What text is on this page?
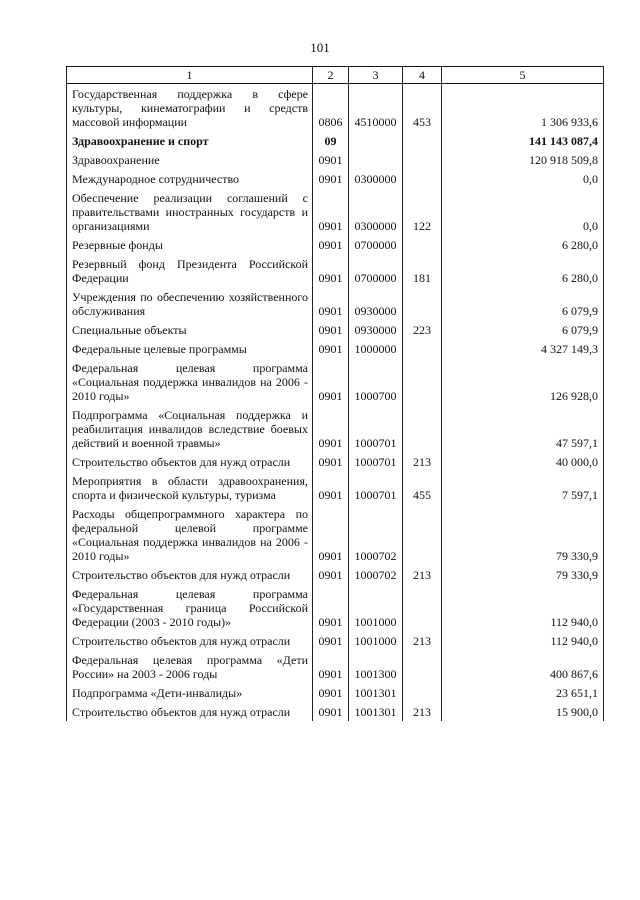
101
1	2	3	4	5
Государственная поддержка в сфере культуры, кинематографии и средств массовой информации	0806	4510000	453	1 306 933,6
Здравоохранение и спорт	09			141 143 087,4
Здравоохранение	0901			120 918 509,8
Международное сотрудничество	0901	0300000		0,0
Обеспечение реализации соглашений с правительствами иностранных государств и организациями	0901	0300000	122	0,0
Резервные фонды	0901	0700000		6 280,0
Резервный фонд Президента Российской Федерации	0901	0700000	181	6 280,0
Учреждения по обеспечению хозяйственного обслуживания	0901	0930000		6 079,9
Специальные объекты	0901	0930000	223	6 079,9
Федеральные целевые программы	0901	1000000		4 327 149,3
Федеральная целевая программа «Социальная поддержка инвалидов на 2006 - 2010 годы»	0901	1000700		126 928,0
Подпрограмма «Социальная поддержка и реабилитация инвалидов вследствие боевых действий и военной травмы»	0901	1000701		47 597,1
Строительство объектов для нужд отрасли	0901	1000701	213	40 000,0
Мероприятия в области здравоохранения, спорта и физической культуры, туризма	0901	1000701	455	7 597,1
Расходы общепрограммного характера по федеральной целевой программе «Социальная поддержка инвалидов на 2006 - 2010 годы»	0901	1000702		79 330,9
Строительство объектов для нужд отрасли	0901	1000702	213	79 330,9
Федеральная целевая программа «Государственная граница Российской Федерации (2003 - 2010 годы)»	0901	1001000		112 940,0
Строительство объектов для нужд отрасли	0901	1001000	213	112 940,0
Федеральная целевая программа «Дети России» на 2003 - 2006 годы	0901	1001300		400 867,6
Подпрограмма «Дети-инвалиды»	0901	1001301		23 651,1
Строительство объектов для нужд отрасли	0901	1001301	213	15 900,0
